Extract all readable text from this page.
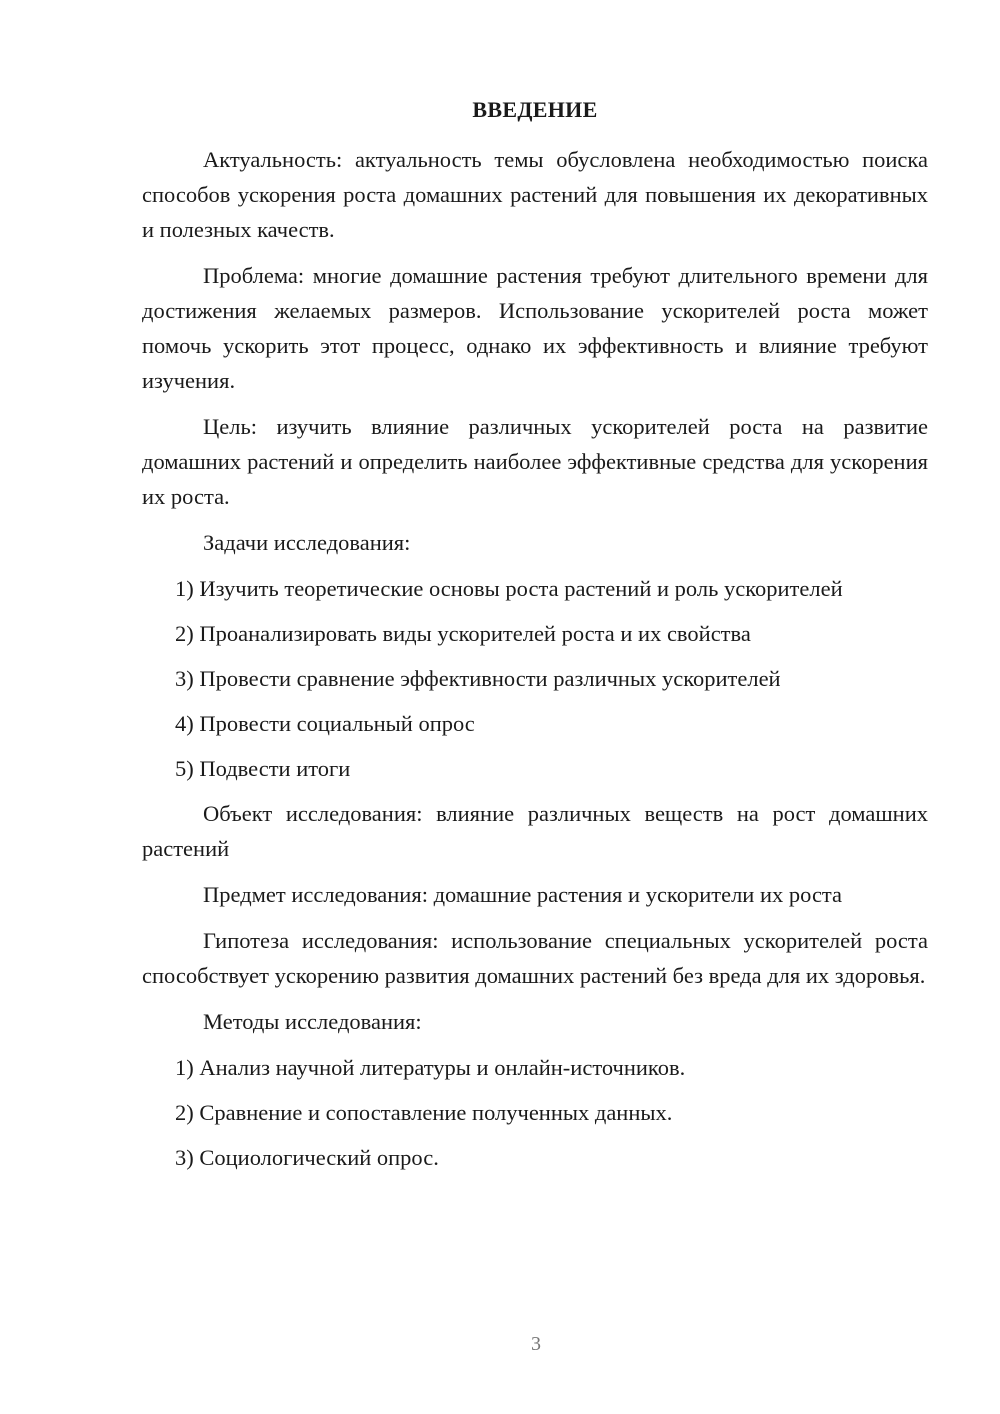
ВВЕДЕНИЕ

Актуальность: актуальность темы обусловлена необходимостью поиска способов ускорения роста домашних растений для повышения их декоративных и полезных качеств.

Проблема: многие домашние растения требуют длительного времени для достижения желаемых размеров. Использование ускорителей роста может помочь ускорить этот процесс, однако их эффективность и влияние требуют изучения.

Цель: изучить влияние различных ускорителей роста на развитие домашних растений и определить наиболее эффективные средства для ускорения их роста.

Задачи исследования:

1) Изучить теоретические основы роста растений и роль ускорителей

2) Проанализировать виды ускорителей роста и их свойства

3) Провести сравнение эффективности различных ускорителей

4) Провести социальный опрос

5) Подвести итоги

Объект исследования: влияние различных веществ на рост домашних растений

Предмет исследования: домашние растения и ускорители их роста

Гипотеза исследования: использование специальных ускорителей роста способствует ускорению развития домашних растений без вреда для их здоровья.

Методы исследования:

1) Анализ научной литературы и онлайн-источников.

2) Сравнение и сопоставление полученных данных.

3) Социологический опрос.

3
